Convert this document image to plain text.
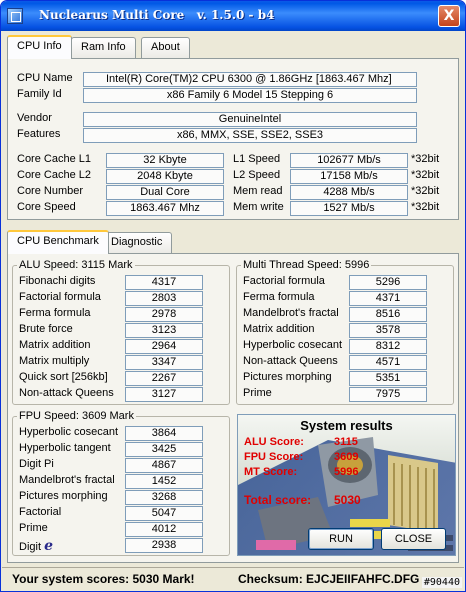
Nuclearus Multi Core   v. 1.5.0 - b4	X
CPU Info	Ram Info	About
CPU Name	Intel(R) Core(TM)2 CPU 6300 @ 1.86GHz [1863.467 Mhz]
Family Id	x86 Family 6 Model 15 Stepping 6
Vendor	GenuineIntel
Features	x86, MMX, SSE, SSE2, SSE3
Core Cache L1	32 Kbyte
Core Cache L2	2048 Kbyte
Core Number	Dual Core
Core Speed	1863.467 Mhz
L1 Speed	102677 Mb/s	*32bit
L2 Speed	17158 Mb/s	*32bit
Mem read	4288 Mb/s	*32bit
Mem write	1527 Mb/s	*32bit
CPU Benchmark	Diagnostic
ALU Speed: 3115 Mark
Fibonachi digits	4317
Factorial formula	2803
Ferma formula	2978
Brute force	3123
Matrix addition	2964
Matrix multiply	3347
Quick sort [256kb]	2267
Non-attack Queens	3127
Multi Thread Speed: 5996
Factorial formula	5296
Ferma formula	4371
Mandelbrot's fractal	8516
Matrix addition	3578
Hyperbolic cosecant	8312
Non-attack Queens	4571
Pictures morphing	5351
Prime	7975
FPU Speed: 3609 Mark
Hyperbolic cosecant	3864
Hyperbolic tangent	3425
Digit Pi	4867
Mandelbrot's fractal	1452
Pictures morphing	3268
Factorial	5047
Prime	4012
Digit e	2938
System results
ALU Score:	3115
FPU Score:	3609
MT Score:	5996
Total score: 5030
RUN	CLOSE
Your system scores: 5030 Mark!	Checksum: EJCJEIIFAHFC.DFG #90440
